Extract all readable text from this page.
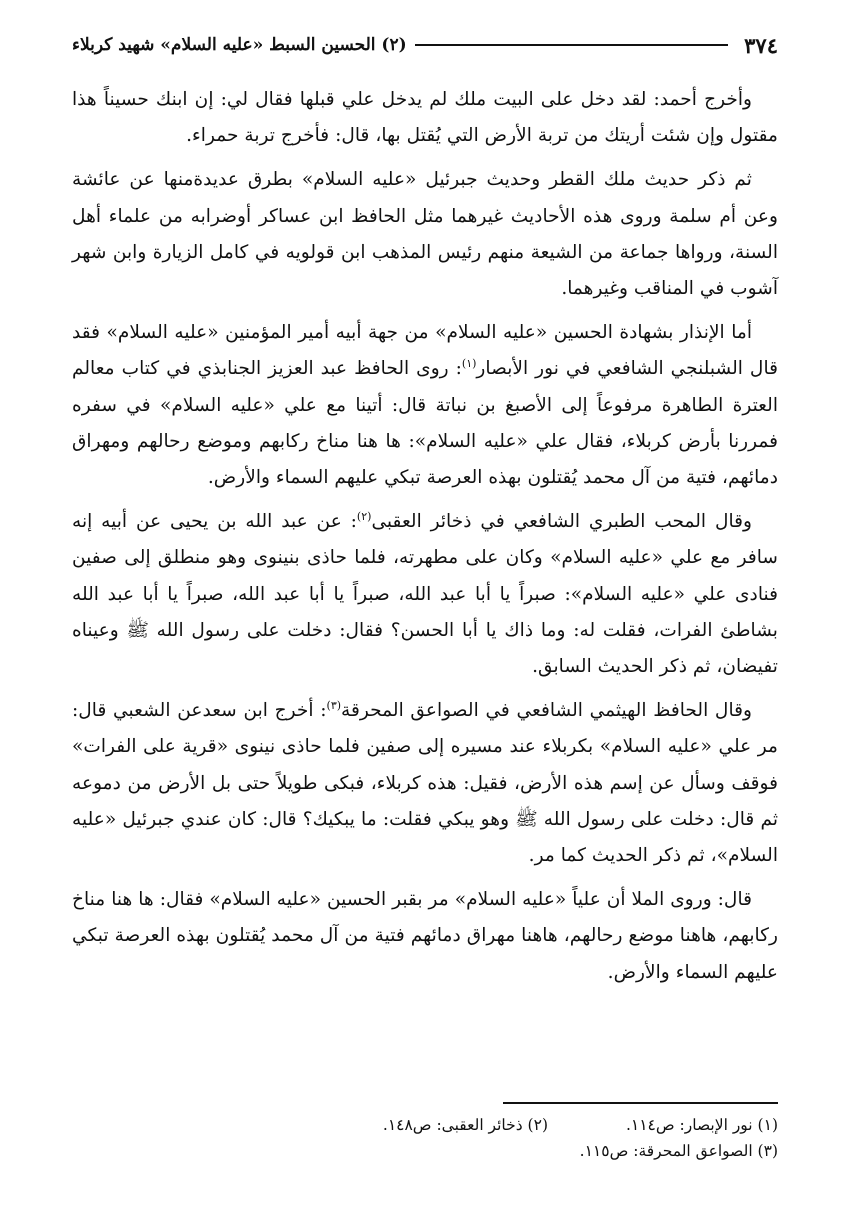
٣٧٤
(٢) الحسين السبط «عليه السلام» شهيد كربلاء

وأخرج أحمد: لقد دخل على البيت ملك لم يدخل علي قبلها فقال لي: إن ابنك حسيناً هذا مقتول وإن شئت أريتك من تربة الأرض التي يُقتل بها، قال: فأخرج تربة حمراء.

ثم ذكر حديث ملك القطر وحديث جبرئيل «عليه السلام» بطرق عديدةمنها عن عائشة وعن أم سلمة وروى هذه الأحاديث غيرهما مثل الحافظ ابن عساكر أوضرابه من علماء أهل السنة، ورواها جماعة من الشيعة منهم رئيس المذهب ابن قولويه في كامل الزيارة وابن شهر آشوب في المناقب وغيرهما.

أما الإنذار بشهادة الحسين «عليه السلام» من جهة أبيه أمير المؤمنين «عليه السلام» فقد قال الشبلنجي الشافعي في نور الأبصار$^{(١)}$: روى الحافظ عبد العزيز الجنابذي في كتاب معالم العترة الطاهرة مرفوعاً إلى الأصبغ بن نباتة قال: أتينا مع علي «عليه السلام» في سفره فمررنا بأرض كربلاء، فقال علي «عليه السلام»: ها هنا مناخ ركابهم وموضع رحالهم ومهراق دمائهم، فتية من آل محمد يُقتلون بهذه العرصة تبكي عليهم السماء والأرض.

وقال المحب الطبري الشافعي في ذخائر العقبى$^{(٢)}$: عن عبد الله بن يحيى عن أبيه إنه سافر مع علي «عليه السلام» وكان على مطهرته، فلما حاذى بنينوى وهو منطلق إلى صفين فنادى علي «عليه السلام»: صبراً يا أبا عبد الله، صبراً يا أبا عبد الله، صبراً يا أبا عبد الله بشاطئ الفرات، فقلت له: وما ذاك يا أبا الحسن؟ فقال: دخلت على رسول الله ﷺ وعيناه تفيضان، ثم ذكر الحديث السابق.

وقال الحافظ الهيثمي الشافعي في الصواعق المحرقة$^{(٣)}$: أخرج ابن سعدعن الشعبي قال: مر علي «عليه السلام» بكربلاء عند مسيره إلى صفين فلما حاذى نينوى «قرية على الفرات» فوقف وسأل عن إسم هذه الأرض، فقيل: هذه كربلاء، فبكى طويلاً حتى بل الأرض من دموعه ثم قال: دخلت على رسول الله ﷺ وهو يبكي فقلت: ما يبكيك؟ قال: كان عندي جبرئيل «عليه السلام»، ثم ذكر الحديث كما مر.

قال: وروى الملا أن علياً «عليه السلام» مر بقبر الحسين «عليه السلام» فقال: ها هنا مناخ ركابهم، هاهنا موضع رحالهم، هاهنا مهراق دمائهم فتية من آل محمد يُقتلون بهذه العرصة تبكي عليهم السماء والأرض.

(١) نور الإبصار: ص١١٤.
(٢) ذخائر العقبى: ص١٤٨.
(٣) الصواعق المحرقة: ص١١٥.
